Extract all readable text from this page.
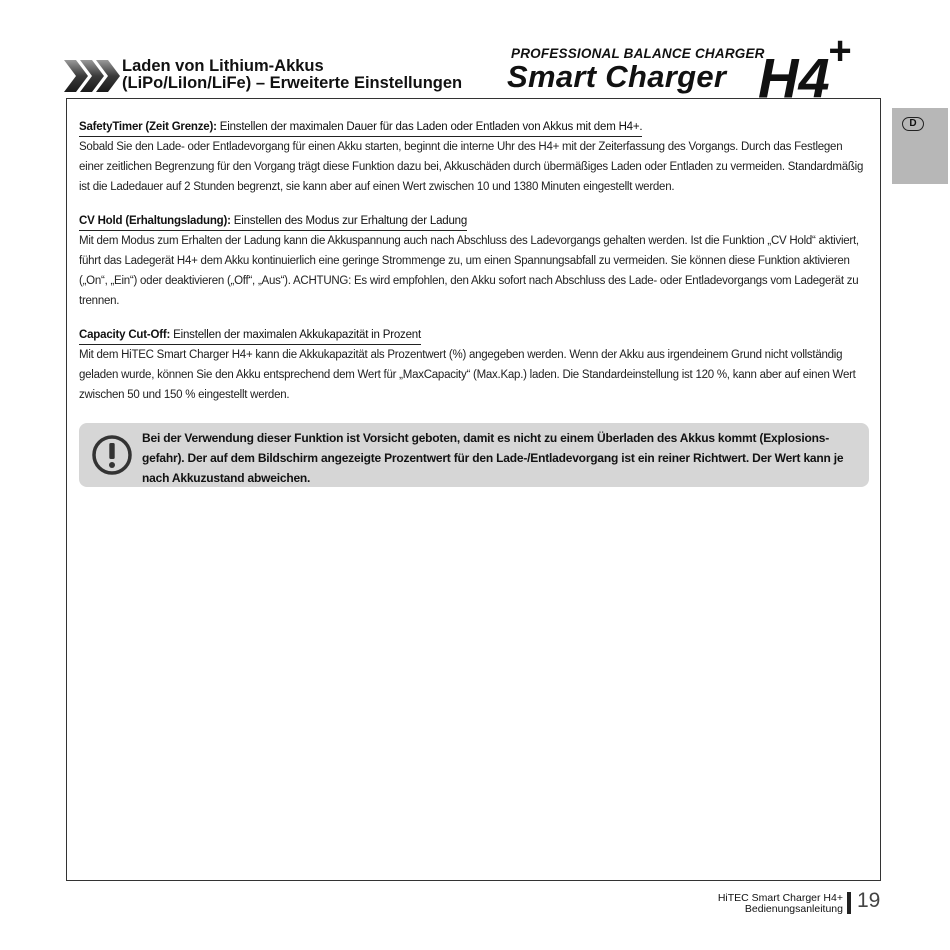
Laden von Lithium-Akkus
(LiPo/LiIon/LiFe) – Erweiterte Einstellungen
PROFESSIONAL BALANCE CHARGER
Smart Charger H4+
D
SafetyTimer (Zeit Grenze): Einstellen der maximalen Dauer für das Laden oder Entladen von Akkus mit dem H4+.
Sobald Sie den Lade- oder Entladevorgang für einen Akku starten, beginnt die interne Uhr des H4+ mit der Zeiterfassung des Vorgangs. Durch das Festlegen einer zeitlichen Begrenzung für den Vorgang trägt diese Funktion dazu bei, Akkuschäden durch übermäßiges Laden oder Entladen zu vermeiden. Standardmäßig ist die Ladedauer auf 2 Stunden begrenzt, sie kann aber auf einen Wert zwischen 10 und 1380 Minuten eingestellt werden.
CV Hold (Erhaltungsladung): Einstellen des Modus zur Erhaltung der Ladung
Mit dem Modus zum Erhalten der Ladung kann die Akkuspannung auch nach Abschluss des Ladevorgangs gehalten werden. Ist die Funktion „CV Hold“ aktiviert, führt das Ladegerät H4+ dem Akku kontinuierlich eine geringe Strommenge zu, um einen Spannungsabfall zu vermeiden. Sie können diese Funktion aktivieren („On“, „Ein“) oder deaktivieren („Off“, „Aus“). ACHTUNG: Es wird empfohlen, den Akku sofort nach Abschluss des Lade- oder Entladevorgangs vom Ladegerät zu trennen.
Capacity Cut-Off: Einstellen der maximalen Akkukapazität in Prozent
Mit dem HiTEC Smart Charger H4+ kann die Akkukapazität als Prozentwert (%) angegeben werden. Wenn der Akku aus irgendeinem Grund nicht vollständig geladen wurde, können Sie den Akku entsprechend dem Wert für „MaxCapacity“ (Max.Kap.) laden. Die Standardeinstellung ist 120 %, kann aber auf einen Wert zwischen 50 und 150 % eingestellt werden.
Bei der Verwendung dieser Funktion ist Vorsicht geboten, damit es nicht zu einem Überladen des Akkus kommt (Explosions-gefahr). Der auf dem Bildschirm angezeigte Prozentwert für den Lade-/Entladevorgang ist ein reiner Richtwert. Der Wert kann je nach Akkuzustand abweichen.
HiTEC Smart Charger H4+
Bedienungsanleitung 19
